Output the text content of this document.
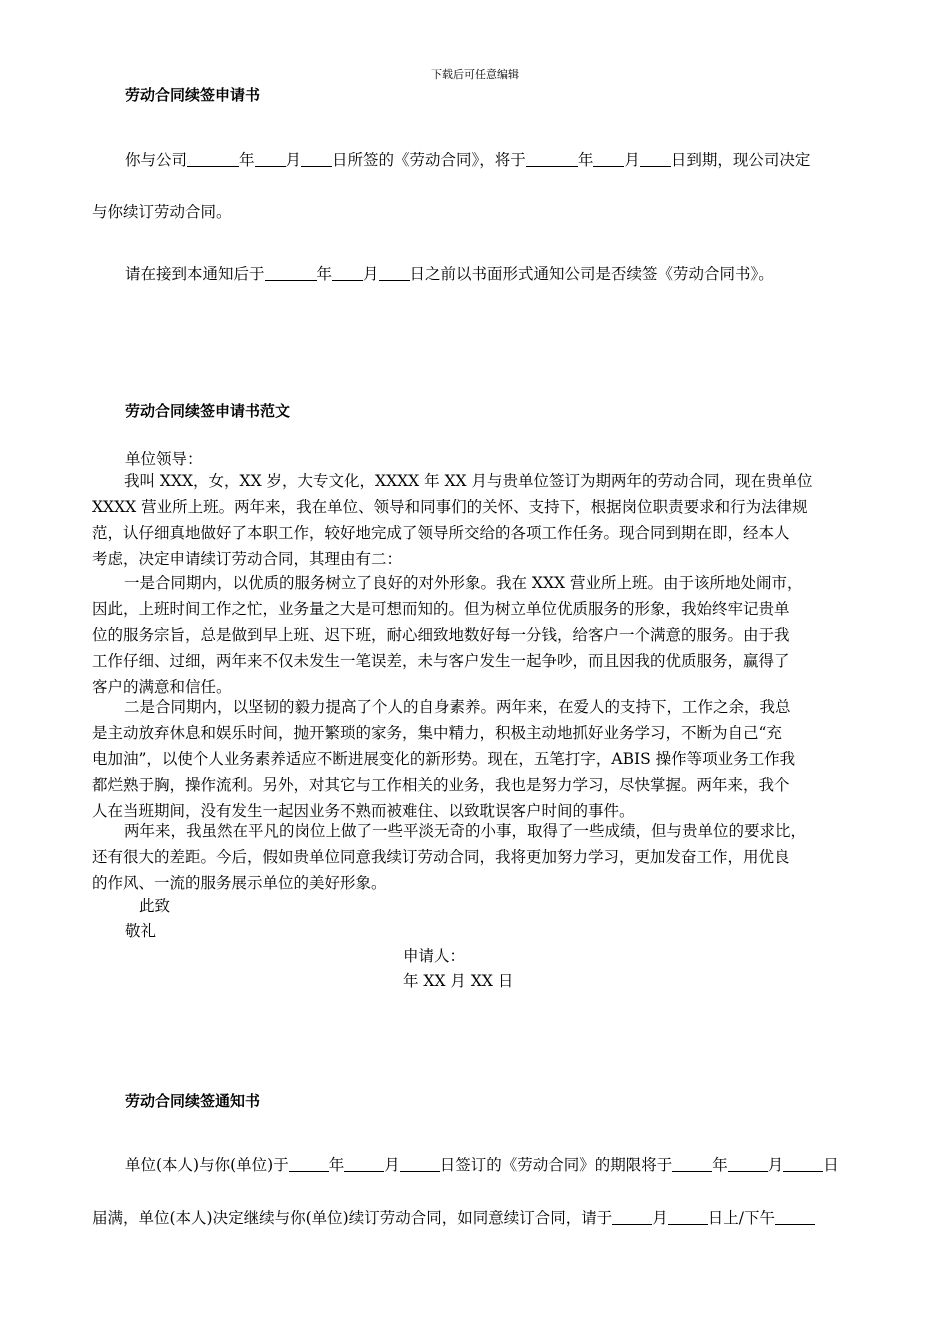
下载后可任意编辑
劳动合同续签申请书
你与公司	年 月 日所签的《劳动合同》，将于	年 月 日到期，现公司决定
与你续订劳动合同。
请在接到本通知后于	年 月 日之前以书面形式通知公司是否续签《劳动合同书》。
劳动合同续签申请书范文
单位领导：
我叫 XXX，女，XX 岁，大专文化，XXXX 年 XX 月与贵单位签订为期两年的劳动合同，现在贵单位
XXXX 营业所上班。两年来，我在单位、领导和同事们的关怀、支持下，根据岗位职责要求和行为法律规
范，认仔细真地做好了本职工作，较好地完成了领导所交给的各项工作任务。现合同到期在即，经本人
考虑，决定申请续订劳动合同，其理由有二：
一是合同期内，以优质的服务树立了良好的对外形象。我在 XXX 营业所上班。由于该所地处闹市，
因此，上班时间工作之忙，业务量之大是可想而知的。但为树立单位优质服务的形象，我始终牢记贵单
位的服务宗旨，总是做到早上班、迟下班，耐心细致地数好每一分钱，给客户一个满意的服务。由于我
工作仔细、过细，两年来不仅未发生一笔误差，未与客户发生一起争吵，而且因我的优质服务，赢得了
客户的满意和信任。
二是合同期内，以坚韧的毅力提高了个人的自身素养。两年来，在爱人的支持下，工作之余，我总
是主动放弃休息和娱乐时间，抛开繁琐的家务，集中精力，积极主动地抓好业务学习，不断为自己“充
电加油”，以使个人业务素养适应不断进展变化的新形势。现在，五笔打字，ABIS 操作等项业务工作我
都烂熟于胸，操作流利。另外，对其它与工作相关的业务，我也是努力学习，尽快掌握。两年来，我个
人在当班期间，没有发生一起因业务不熟而被难住、以致耽误客户时间的事件。
两年来，我虽然在平凡的岗位上做了一些平淡无奇的小事，取得了一些成绩，但与贵单位的要求比，
还有很大的差距。今后，假如贵单位同意我续订劳动合同，我将更加努力学习，更加发奋工作，用优良
的作风、一流的服务展示单位的美好形象。
此致
敬礼
申请人：
年 XX 月 XX 日
劳动合同续签通知书
单位(本人)与你(单位)于	年	月	日签订的《劳动合同》的期限将于	年	月	日
届满，单位(本人)决定继续与你(单位)续订劳动合同，如同意续订合同，请于	月	日上/下午
